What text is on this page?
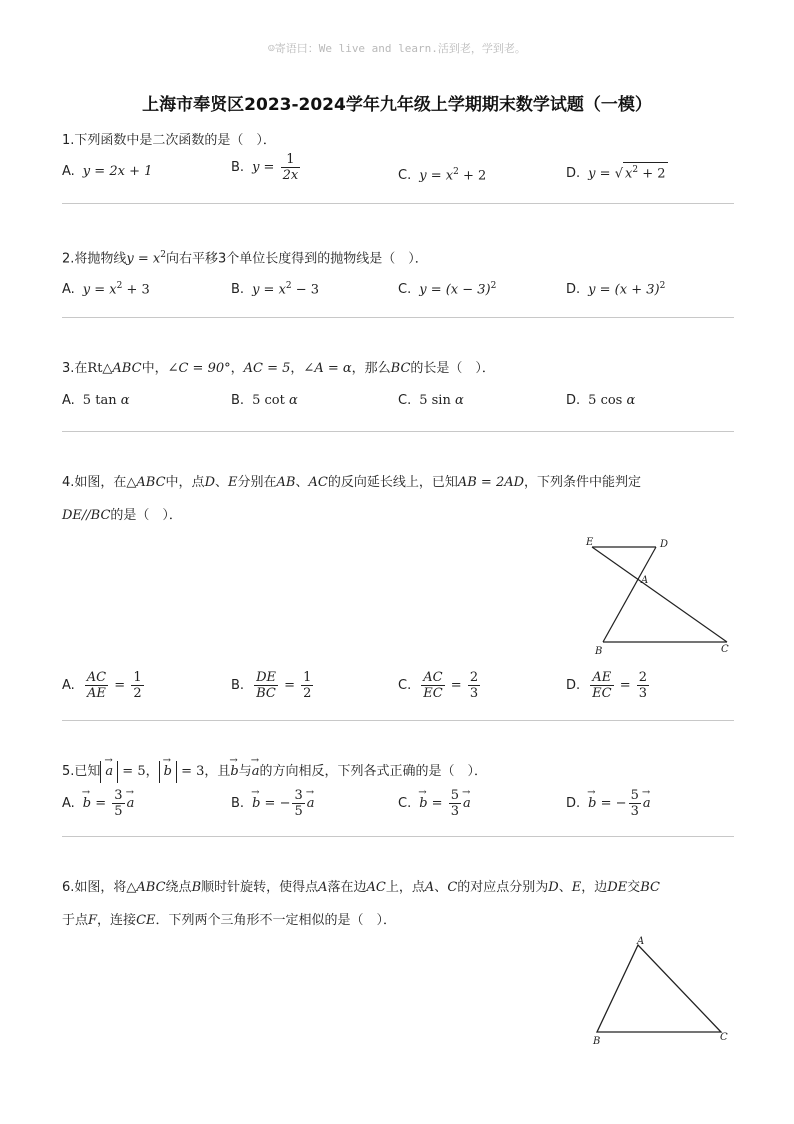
☺寄语曰：We live and learn.活到老，学到老。
上海市奉贤区2023-2024学年九年级上学期期末数学试题（一模）
1.下列函数中是二次函数的是（　）．
A. y = 2x + 1	B. $y = \frac{1}{2x}$	C. $y = x^2 + 2$	D. y = √ $x^2 + 2$
2.将抛物线$y = x^2$向右平移3个单位长度得到的抛物线是（　）．
A. $y = x^2 + 3$	B. $y = x^2 - 3$	C. $y = (x - 3)^2$	D. $y = (x + 3)^2$
3.在Rt△ABC中，∠C = 90°，AC = 5，∠A = α，那么BC的长是（　）．
A. 5 tan α	B. 5 cot α	C. 5 sin α	D. 5 cos α
4.如图，在△ABC中，点D、E分别在AB、AC的反向延长线上，已知AB = 2AD，下列条件中能判定
DE//BC的是（　）．
E	D
A
B	C
A. $\frac{AC}{AE} = \frac{1}{2}$	B. $\frac{DE}{BC} = \frac{1}{2}$	C. $\frac{AC}{EC} = \frac{2}{3}$	D. $\frac{AE}{EC} = \frac{2}{3}$
5.已知→ a = 5，→ b = 3，且→ b与→ a的方向相反，下列各式正确的是（　）．
$A.\to b = \frac{3}{5}$
→ a	B.→ b = − $\frac{3}{5}$
→ a	$C.\to b = \frac{5}{3}$
→ a	D.→ b = − $\frac{5}{3}$
→ a
6.如图，将△ABC绕点B顺时针旋转，使得点A落在边AC上，点A、C的对应点分别为D、E，边DE交BC
于点F，连接CE．下列两个三角形不一定相似的是（　）．
A
B	C
